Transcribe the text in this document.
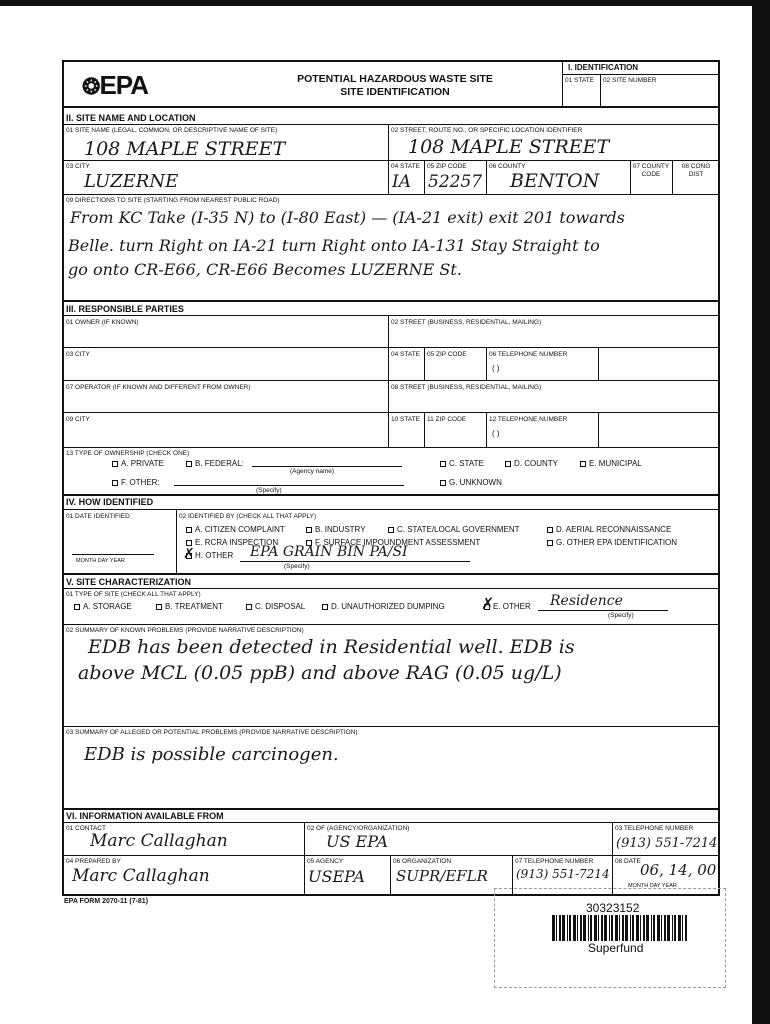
❂EPA	POTENTIAL HAZARDOUS WASTE SITE
SITE IDENTIFICATION
I. IDENTIFICATION
01 STATE 02 SITE NUMBER
II. SITE NAME AND LOCATION
01 SITE NAME (LEGAL, COMMON, OR DESCRIPTIVE NAME OF SITE)
108 MAPLE STREET
02 STREET, ROUTE NO., OR SPECIFIC LOCATION IDENTIFIER
108 MAPLE STREET
03 CITY
LUZERNE
04 STATE
IA
05 ZIP CODE
52257
06 COUNTY
BENTON
07 COUNTY CODE
08 CONG DIST
09 DIRECTIONS TO SITE (STARTING FROM NEAREST PUBLIC ROAD)
From KC Take (I-35 N) to (I-80 East) — (IA-21 exit) exit 201 towards
Belle. turn Right on IA-21 turn Right onto IA-131 Stay Straight to
go onto CR-E66, CR-E66 Becomes LUZERNE St.
III. RESPONSIBLE PARTIES
01 OWNER (IF KNOWN)	02 STREET (BUSINESS, RESIDENTIAL, MAILING)
03 CITY	04 STATE 05 ZIP CODE	06 TELEPHONE NUMBER
( )
07 OPERATOR (IF KNOWN AND DIFFERENT FROM OWNER)	08 STREET (BUSINESS, RESIDENTIAL, MAILING)
09 CITY	10 STATE 11 ZIP CODE	12 TELEPHONE NUMBER
( )
13 TYPE OF OWNERSHIP (CHECK ONE)
A. PRIVATE	B. FEDERAL:
(Agency name)
C. STATE	D. COUNTY	E. MUNICIPAL
F. OTHER:
(Specify)
G. UNKNOWN
IV. HOW IDENTIFIED
01 DATE IDENTIFIED
MONTH DAY YEAR
02 IDENTIFIED BY (CHECK ALL THAT APPLY)
A. CITIZEN COMPLAINT	B. INDUSTRY	C. STATE/LOCAL GOVERNMENT	D. AERIAL RECONNAISSANCE
E. RCRA INSPECTION	F. SURFACE IMPOUNDMENT ASSESSMENT	G. OTHER EPA IDENTIFICATION
H. OTHER
✗	EPA GRAIN BIN PA/SI
(Specify)
V. SITE CHARACTERIZATION
01 TYPE OF SITE (CHECK ALL THAT APPLY)
A. STORAGE	B. TREATMENT	C. DISPOSAL	D. UNAUTHORIZED DUMPING	E. OTHER
✗	Residence
(Specify)
02 SUMMARY OF KNOWN PROBLEMS (PROVIDE NARRATIVE DESCRIPTION)
EDB has been detected in Residential well. EDB is
above MCL (0.05 ppB) and above RAG (0.05 ug/L)
03 SUMMARY OF ALLEGED OR POTENTIAL PROBLEMS (PROVIDE NARRATIVE DESCRIPTION)
EDB is possible carcinogen.
VI. INFORMATION AVAILABLE FROM
01 CONTACT
Marc Callaghan
02 OF (AGENCY/ORGANIZATION)
US EPA
03 TELEPHONE NUMBER
(913) 551-7214
04 PREPARED BY
Marc Callaghan
05 AGENCY
USEPA
06 ORGANIZATION
SUPR/EFLR
07 TELEPHONE NUMBER
(913) 551-7214
08 DATE 06, 14, 00
MONTH DAY YEAR
EPA FORM 2070-11 (7-81)	30323152
Superfund
